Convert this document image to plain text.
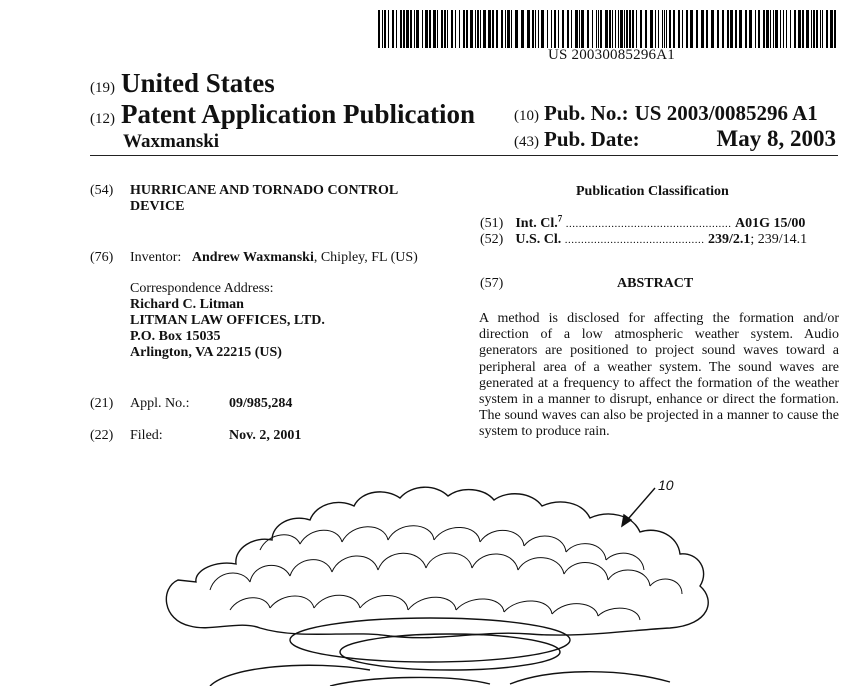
US 20030085296A1
(19) United States
(12) Patent Application Publication
Waxmanski
(10) Pub. No.: US 2003/0085296 A1
(43) Pub. Date:	May 8, 2003
(54) HURRICANE AND TORNADO CONTROL
DEVICE
(76) Inventor: Andrew Waxmanski, Chipley, FL (US)
Correspondence Address:
Richard C. Litman
LITMAN LAW OFFICES, LTD.
P.O. Box 15035
Arlington, VA 22215 (US)
(21) Appl. No.:	09/985,284
(22) Filed:	Nov. 2, 2001
Publication Classification
(51) Int. Cl.$^7$ ................................................... A01G 15/00
(52) U.S. Cl. ........................................... 239/2.1; 239/14.1
(57)	ABSTRACT
A method is disclosed for affecting the formation and/or direction of a low atmospheric weather system. Audio generators are positioned to project sound waves toward a peripheral area of a weather system. The sound waves are generated at a frequency to affect the formation of the weather system in a manner to disrupt, enhance or direct the formation. The sound waves can also be projected in a manner to cause the system to produce rain.
10
